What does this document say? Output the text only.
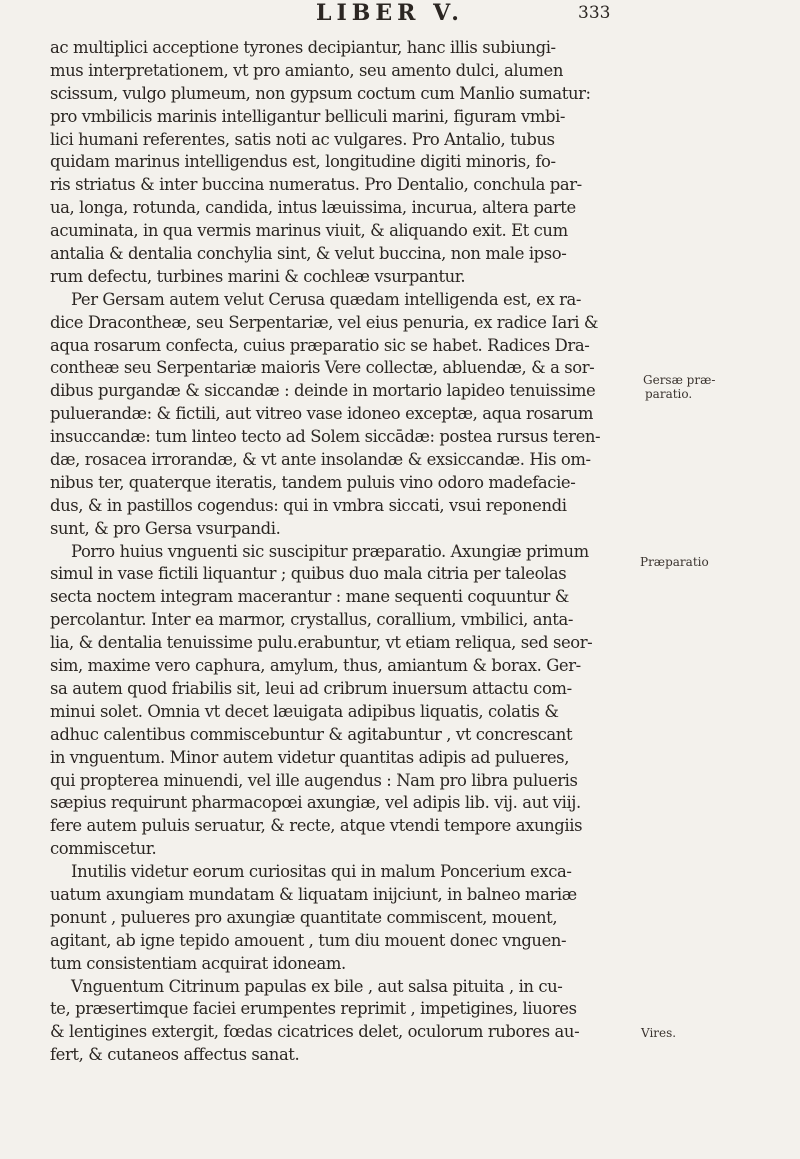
LIBER V.	333
ac multiplici acceptione tyrones decipiantur, hanc illis subiungi-
mus interpretationem, vt pro amianto, seu amento dulci, alumen
scissum, vulgo plumeum, non gypsum coctum cum Manlio sumatur:
pro vmbilicis marinis intelligantur belliculi marini, figuram vmbi-
lici humani referentes, satis noti ac vulgares. Pro Antalio, tubus
quidam marinus intelligendus est, longitudine digiti minoris, fo-
ris striatus & inter buccina numeratus. Pro Dentalio, conchula par-
ua, longa, rotunda, candida, intus læuissima, incurua, altera parte
acuminata, in qua vermis marinus viuit, & aliquando exit. Et cum
antalia & dentalia conchylia sint, & velut buccina, non male ipso-
rum defectu, turbines marini & cochleæ vsurpantur.
Per Gersam autem velut Cerusa quædam intelligenda est, ex ra-
dice Dracontheæ, seu Serpentariæ, vel eius penuria, ex radice Iari &
aqua rosarum confecta, cuius præparatio sic se habet. Radices Dra-
contheæ seu Serpentariæ maioris Vere collectæ, abluendæ, & a sor-
dibus purgandæ & siccandæ : deinde in mortario lapideo tenuissime
puluerandæ: & fictili, aut vitreo vase idoneo exceptæ, aqua rosarum
insuccandæ: tum linteo tecto ad Solem siccādæ: postea rursus teren-
dæ, rosacea irrorandæ, & vt ante insolandæ & exsiccandæ. His om-
nibus ter, quaterque iteratis, tandem puluis vino odoro madefacie-
dus, & in pastillos cogendus: qui in vmbra siccati, vsui reponendi
sunt, & pro Gersa vsurpandi.
Porro huius vnguenti sic suscipitur præparatio. Axungiæ primum
simul in vase fictili liquantur ; quibus duo mala citria per taleolas
secta noctem integram macerantur : mane sequenti coquuntur &
percolantur. Inter ea marmor, crystallus, corallium, vmbilici, anta-
lia, & dentalia tenuissime pulu.erabuntur, vt etiam reliqua, sed seor-
sim, maxime vero caphura, amylum, thus, amiantum & borax. Ger-
sa autem quod friabilis sit, leui ad cribrum inuersum attactu com-
minui solet. Omnia vt decet læuigata adipibus liquatis, colatis &
adhuc calentibus commiscebuntur & agitabuntur , vt concrescant
in vnguentum. Minor autem videtur quantitas adipis ad pulueres,
qui propterea minuendi, vel ille augendus : Nam pro libra pulueris
sæpius requirunt pharmacopœi axungiæ, vel adipis lib. vij. aut viij.
fere autem puluis seruatur, & recte, atque vtendi tempore axungiis
commiscetur.
Inutilis videtur eorum curiositas qui in malum Poncerium exca-
uatum axungiam mundatam & liquatam inijciunt, in balneo mariæ
ponunt , pulueres pro axungiæ quantitate commiscent, mouent,
agitant, ab igne tepido amouent , tum diu mouent donec vnguen-
tum consistentiam acquirat idoneam.
Vnguentum Citrinum papulas ex bile , aut salsa pituita , in cu-
te, præsertimque faciei erumpentes reprimit , impetigines, liuores
& lentigines extergit, fœdas cicatrices delet, oculorum rubores au-
fert, & cutaneos affectus sanat.
Gersæ præ-
paratio.
Præparatio
Vires.
